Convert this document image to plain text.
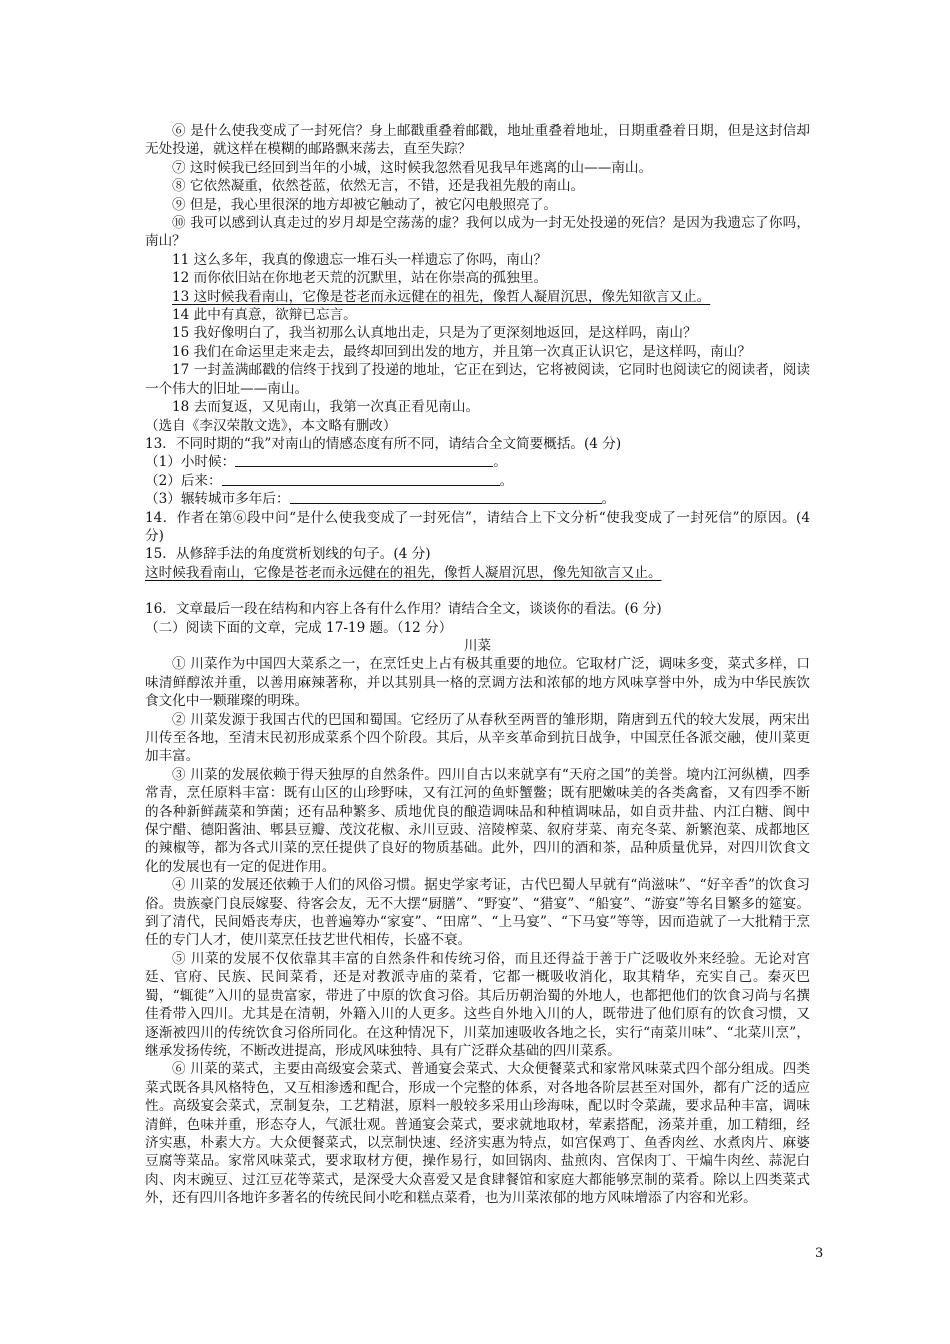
⑥ 是什么使我变成了一封死信？身上邮戳重叠着邮戳，地址重叠着地址，日期重叠着日期，但是这封信却无处投递，就这样在模糊的邮路飘来荡去，直至失踪？

⑦ 这时候我已经回到当年的小城，这时候我忽然看见我早年逃离的山——南山。

⑧ 它依然凝重，依然苍蓝，依然无言，不错，还是我祖先般的南山。

⑨ 但是，我心里很深的地方却被它触动了，被它闪电般照亮了。

⑩ 我可以感到认真走过的岁月却是空荡荡的虚？我何以成为一封无处投递的死信？是因为我遗忘了你吗，南山？

11 这么多年，我真的像遗忘一堆石头一样遗忘了你吗，南山？

12 而你依旧站在你地老天荒的沉默里，站在你崇高的孤独里。

13 这时候我看南山，它像是苍老而永远健在的祖先，像哲人凝眉沉思，像先知欲言又止。

14 此中有真意，欲辩已忘言。

15 我好像明白了，我当初那么认真地出走，只是为了更深刻地返回，是这样吗，南山？

16 我们在命运里走来走去，最终却回到出发的地方，并且第一次真正认识它，是这样吗，南山？

17 一封盖满邮戳的信终于找到了投递的地址，它正在到达，它将被阅读，它同时也阅读它的阅读者，阅读一个伟大的旧址——南山。

18 去而复返，又见南山，我第一次真正看见南山。

（选自《李汉荣散文选》，本文略有删改）

13．不同时期的“我”对南山的情感态度有所不同，请结合全文简要概括。(4 分)

（1）小时候：	。

（2）后来：	。

（3）辗转城市多年后：	。

14．作者在第⑥段中问“是什么使我变成了一封死信”，请结合上下文分析“使我变成了一封死信”的原因。(4 分)

15．从修辞手法的角度赏析划线的句子。(4 分)

这时候我看南山，它像是苍老而永远健在的祖先，像哲人凝眉沉思，像先知欲言又止。

16．文章最后一段在结构和内容上各有什么作用？请结合全文，谈谈你的看法。(6 分)

（二）阅读下面的文章，完成 17-19 题。（12 分）

川菜

① 川菜作为中国四大菜系之一，在烹饪史上占有极其重要的地位。它取材广泛，调味多变，菜式多样，口味清鲜醇浓并重，以善用麻辣著称，并以其别具一格的烹调方法和浓郁的地方风味享誉中外，成为中华民族饮食文化中一颗璀璨的明珠。

② 川菜发源于我国古代的巴国和蜀国。它经历了从春秋至两晋的雏形期，隋唐到五代的较大发展，两宋出川传至各地，至清末民初形成菜系个四个阶段。其后，从辛亥革命到抗日战争，中国烹任各派交融，使川菜更加丰富。

③ 川菜的发展依赖于得天独厚的自然条件。四川自古以来就享有“天府之国”的美誉。境内江河纵横，四季常青，烹任原料丰富：既有山区的山珍野味，又有江河的鱼虾蟹鳖；既有肥嫩味美的各类禽畜，又有四季不断的各种新鲜蔬菜和笋菌；还有品种繁多、质地优良的酿造调味品和种植调味品，如自贡井盐、内江白糖、阆中保宁醋、德阳酱油、郫县豆瓣、茂汶花椒、永川豆豉、涪陵榨菜、叙府芽菜、南充冬菜、新繁泡菜、成都地区的辣椒等，都为各式川菜的烹任提供了良好的物质基础。此外，四川的酒和茶，品种质量优异，对四川饮食文化的发展也有一定的促进作用。

④ 川菜的发展还依赖于人们的风俗习惯。据史学家考证，古代巴蜀人早就有“尚滋味”、“好辛香”的饮食习俗。贵族豪门良辰嫁娶、待客会友，无不大摆“厨膳”、“野宴”、“猎宴”、“船宴”、“游宴”等名目繁多的筵宴。到了清代，民间婚丧寿庆，也普遍筹办“家宴”、“田席”、“上马宴”、“下马宴”等等，因而造就了一大批精于烹任的专门人才，使川菜烹任技艺世代相传，长盛不衰。

⑤ 川菜的发展不仅依靠其丰富的自然条件和传统习俗，而且还得益于善于广泛吸收外来经验。无论对宫廷、官府、民族、民间菜肴，还是对教派寺庙的菜肴，它都一概吸收消化，取其精华，充实自己。秦灭巴蜀，“辄徙”入川的显贵富家，带进了中原的饮食习俗。其后历朝治蜀的外地人，也都把他们的饮食习尚与名撰佳肴带入四川。尤其是在清朝，外籍入川的人更多。这些自外地入川的人，既带进了他们原有的饮食习惯，又逐渐被四川的传统饮食习俗所同化。在这种情况下，川菜加速吸收各地之长，实行“南菜川味”、“北菜川烹”，继承发扬传统，不断改进提高，形成风味独特、具有广泛群众基础的四川菜系。

⑥ 川菜的菜式，主要由高级宴会菜式、普通宴会菜式、大众便餐菜式和家常风味菜式四个部分组成。四类菜式既各具风格特色，又互相渗透和配合，形成一个完整的体系，对各地各阶层甚至对国外，都有广泛的适应性。高级宴会菜式，烹制复杂，工艺精湛，原料一般较多采用山珍海味，配以时令菜蔬，要求品种丰富，调味清鲜，色味并重，形态夺人，气派壮观。普通宴会菜式，要求就地取材，荤素搭配，汤菜并重，加工精细，经济实惠，朴素大方。大众便餐菜式，以烹制快速、经济实惠为特点，如宫保鸡丁、鱼香肉丝、水煮肉片、麻婆豆腐等菜品。家常风味菜式，要求取材方便，操作易行，如回锅肉、盐煎肉、宫保肉丁、干煸牛肉丝、蒜泥白肉、肉末豌豆、过江豆花等菜式，是深受大众喜爱又是食肆餐馆和家庭大都能够烹制的菜肴。除以上四类菜式外，还有四川各地许多著名的传统民间小吃和糕点菜肴，也为川菜浓郁的地方风味增添了内容和光彩。

3
